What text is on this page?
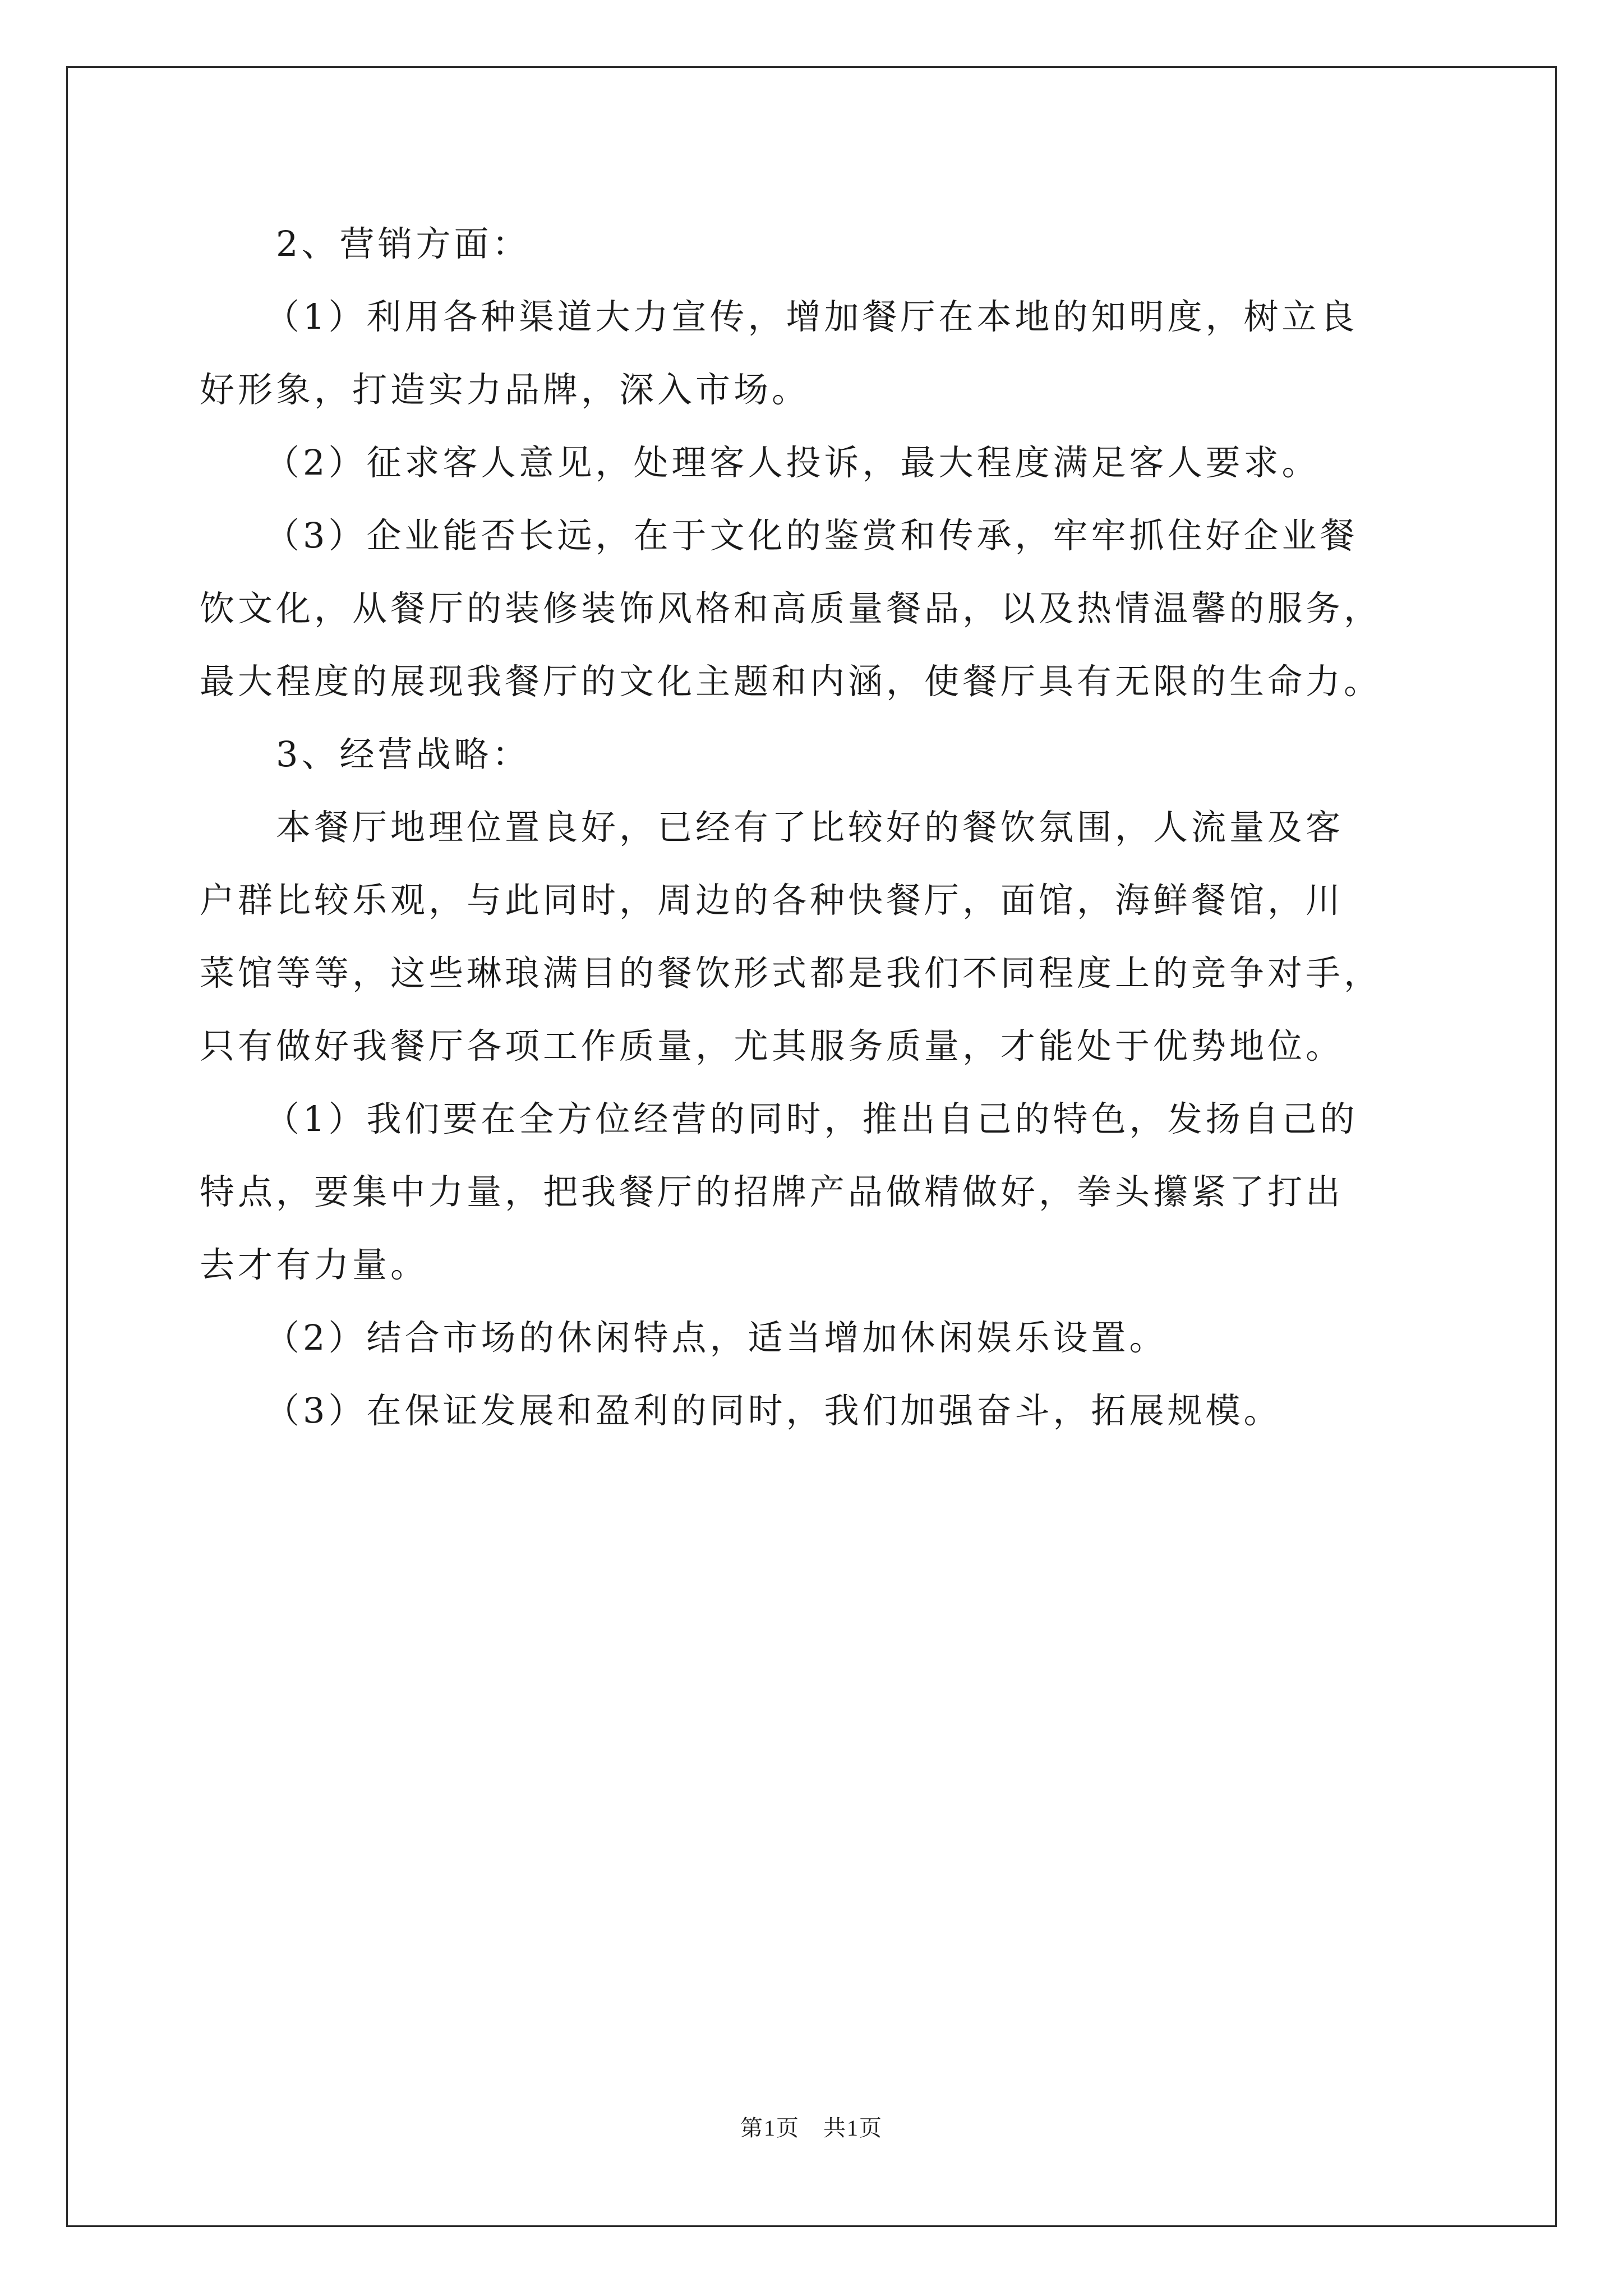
2、营销方面：
（1）利用各种渠道大力宣传，增加餐厅在本地的知明度，树立良
好形象，打造实力品牌，深入市场。
（2）征求客人意见，处理客人投诉，最大程度满足客人要求。
（3）企业能否长远，在于文化的鉴赏和传承，牢牢抓住好企业餐
饮文化，从餐厅的装修装饰风格和高质量餐品，以及热情温馨的服务，
最大程度的展现我餐厅的文化主题和内涵，使餐厅具有无限的生命力。
3、经营战略：
本餐厅地理位置良好，已经有了比较好的餐饮氛围，人流量及客
户群比较乐观，与此同时，周边的各种快餐厅，面馆，海鲜餐馆，川
菜馆等等，这些琳琅满目的餐饮形式都是我们不同程度上的竞争对手，
只有做好我餐厅各项工作质量，尤其服务质量，才能处于优势地位。
（1）我们要在全方位经营的同时，推出自己的特色，发扬自己的
特点，要集中力量，把我餐厅的招牌产品做精做好，拳头攥紧了打出
去才有力量。
（2）结合市场的休闲特点，适当增加休闲娱乐设置。
（3）在保证发展和盈利的同时，我们加强奋斗，拓展规模。
第1页　共1页
